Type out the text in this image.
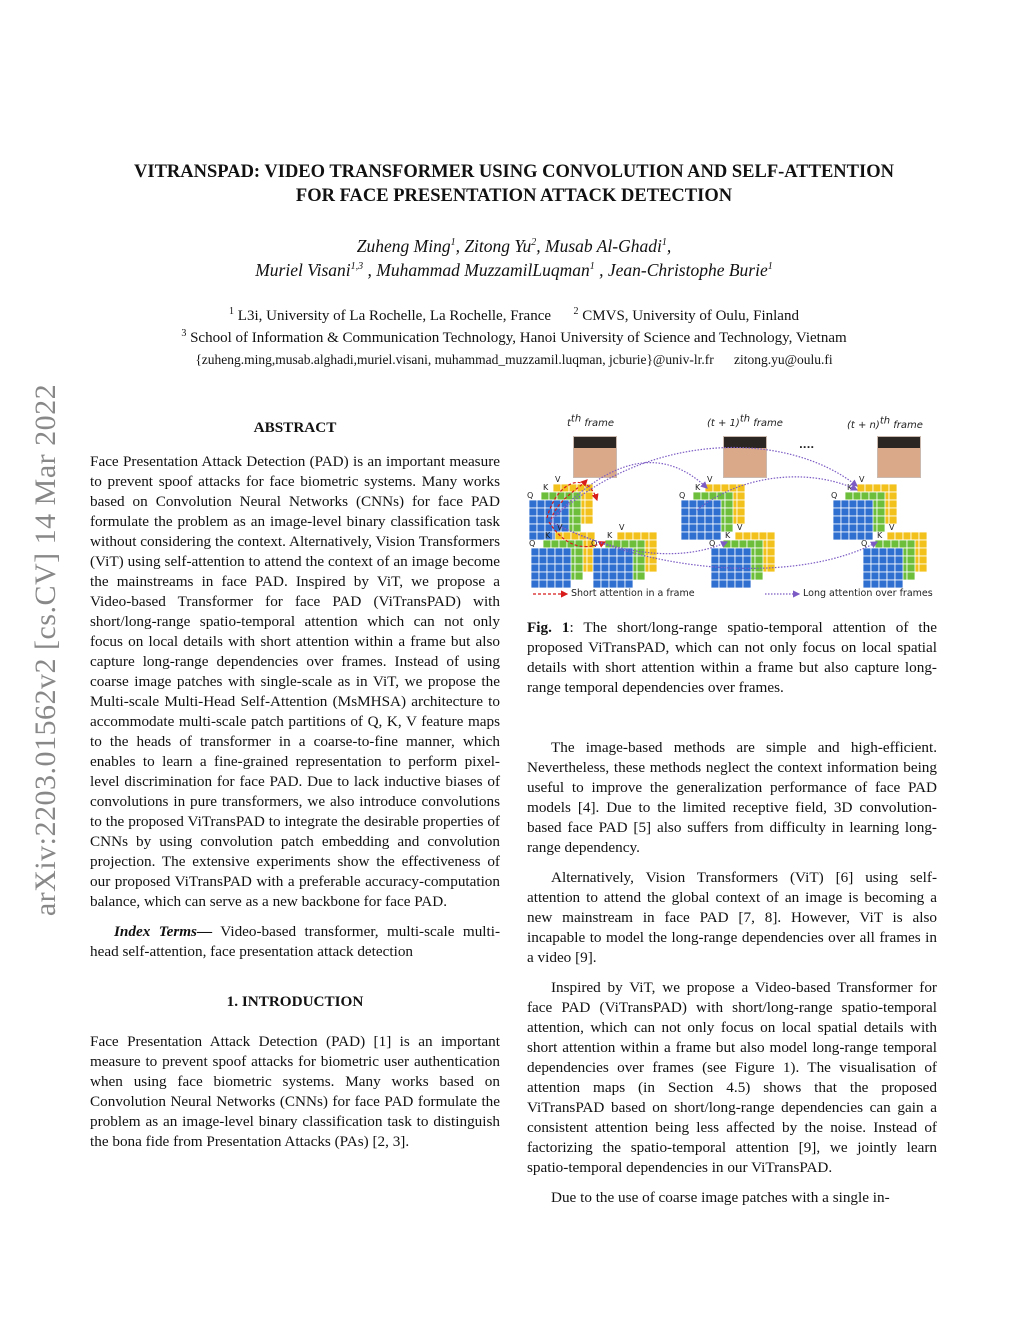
arXiv:2203.01562v2 [cs.CV] 14 Mar 2022
VITRANSPAD: VIDEO TRANSFORMER USING CONVOLUTION AND SELF-ATTENTION
FOR FACE PRESENTATION ATTACK DETECTION
Zuheng Ming$^1$, Zitong Yu$^2$, Musab Al-Ghadi$^1$,
Muriel Visani$^{1,3}$ , Muhammad MuzzamilLuqman$^1$ , Jean-Christophe Burie$^1$
$^1$ L3i, University of La Rochelle, La Rochelle, France $^2$ CMVS, University of Oulu, Finland
$^3$ School of Information & Communication Technology, Hanoi University of Science and Technology, Vietnam
{zuheng.ming,musab.alghadi,muriel.visani, muhammad_muzzamil.luqman, jcburie}@univ-lr.fr zitong.yu@oulu.fi
ABSTRACT

Face Presentation Attack Detection (PAD) is an important measure to prevent spoof attacks for face biometric systems. Many works based on Convolution Neural Networks (CNNs) for face PAD formulate the problem as an image-level binary classification task without considering the context. Alternatively, Vision Transformers (ViT) using self-attention to attend the context of an image become the mainstreams in face PAD. Inspired by ViT, we propose a Video-based Transformer for face PAD (ViTransPAD) with short/long-range spatio-temporal attention which can not only focus on local details with short attention within a frame but also capture long-range dependencies over frames. Instead of using coarse image patches with single-scale as in ViT, we propose the Multi-scale Multi-Head Self-Attention (MsMHSA) architecture to accommodate multi-scale patch partitions of Q, K, V feature maps to the heads of transformer in a coarse-to-fine manner, which enables to learn a fine-grained representation to perform pixel-level discrimination for face PAD. Due to lack inductive biases of convolutions in pure transformers, we also introduce convolutions to the proposed ViTransPAD to integrate the desirable properties of CNNs by using convolution patch embedding and convolution projection. The extensive experiments show the effectiveness of our proposed ViTransPAD with a preferable accuracy-computation balance, which can serve as a new backbone for face PAD.

Index Terms— Video-based transformer, multi-scale multi-head self-attention, face presentation attack detection

1. INTRODUCTION

Face Presentation Attack Detection (PAD) [1] is an important measure to prevent spoof attacks for biometric user authentication when using face biometric systems. Many works based on Convolution Neural Networks (CNNs) for face PAD formulate the problem as an image-level binary classification task to distinguish the bona fide from Presentation Attacks (PAs) [2, 3].

$t^{th}$ frame	$(t + 1)^{th}$ frame	$(t + n)^{th}$ frame
....
Q
K
V
Q
K
V
Q
K
V
Q
K
V
Q
K
V
Q
K
V
Q
K
V
Short attention in a frame	Long attention over frames
Fig. 1: The short/long-range spatio-temporal attention of the proposed ViTransPAD, which can not only focus on local spatial details with short attention within a frame but also capture long-range temporal dependencies over frames.

The image-based methods are simple and high-efficient. Nevertheless, these methods neglect the context information being useful to improve the generalization performance of face PAD models [4]. Due to the limited receptive field, 3D convolution-based face PAD [5] also suffers from difficulty in learning long-range dependency.

Alternatively, Vision Transformers (ViT) [6] using self-attention to attend the global context of an image is becoming a new mainstream in face PAD [7, 8]. However, ViT is also incapable to model the long-range dependencies over all frames in a video [9].

Inspired by ViT, we propose a Video-based Transformer for face PAD (ViTransPAD) with short/long-range spatio-temporal attention, which can not only focus on local spatial details with short attention within a frame but also model long-range temporal dependencies over frames (see Figure 1). The visualisation of attention maps (in Section 4.5) shows that the proposed ViTransPAD based on short/long-range dependencies can gain a consistent attention being less affected by the noise. Instead of factorizing the spatio-temporal attention [9], we jointly learn spatio-temporal dependencies in our ViTransPAD.

Due to the use of coarse image patches with a single in-
